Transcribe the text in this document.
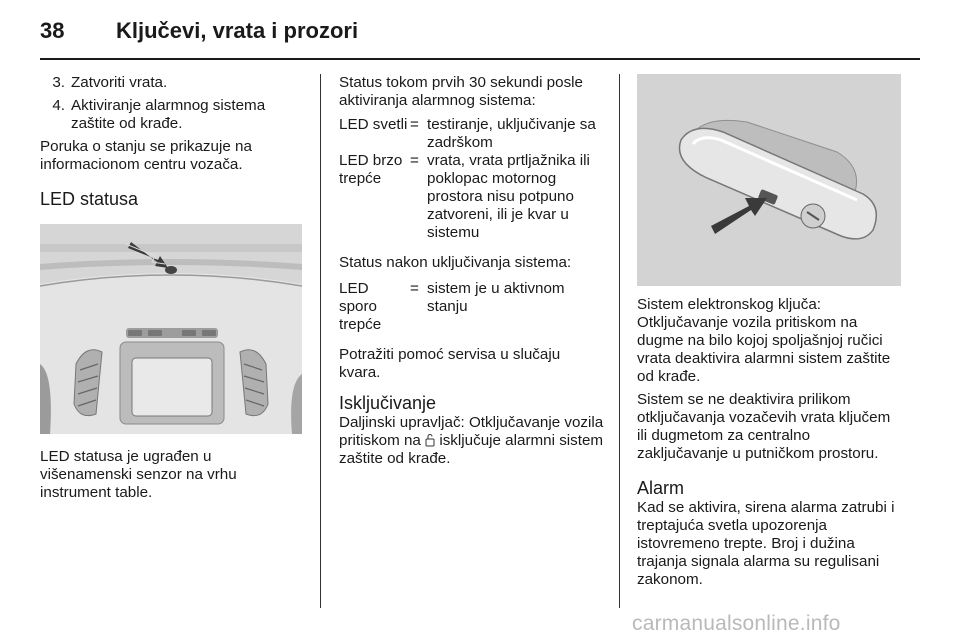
38 Ključevi, vrata i prozori
3. Zatvoriti vrata.
4. Aktiviranje alarmnog sistema zaštite od krađe.

Poruka o stanju se prikazuje na informacionom centru vozača.

LED statusa

LED statusa je ugrađen u višenamenski senzor na vrhu instrument table.

Status tokom prvih 30 sekundi posle aktiviranja alarmnog sistema:

LED svetli = testiranje, uključivanje sa zadrškom
LED brzo trepće
= vrata, vrata prtljažnika ili poklopac motornog prostora nisu potpuno zatvoreni, ili je kvar u sistemu

Status nakon uključivanja sistema:

LED sporo trepće
= sistem je u aktivnom stanju

Potražiti pomoć servisa u slučaju kvara.

Isključivanje

Daljinski upravljač: Otključavanje vozila pritiskom na isključuje alarmni sistem zaštite od krađe.

Sistem elektronskog ključa: Otključavanje vozila pritiskom na dugme na bilo kojoj spoljašnjoj ručici vrata deaktivira alarmni sistem zaštite od krađe.

Sistem se ne deaktivira prilikom otključavanja vozačevih vrata ključem ili dugmetom za centralno zaključavanje u putničkom prostoru.

Alarm

Kad se aktivira, sirena alarma zatrubi i treptajuća svetla upozorenja istovremeno trepte. Broj i dužina trajanja signala alarma su regulisani zakonom.

carmanualsonline.info
